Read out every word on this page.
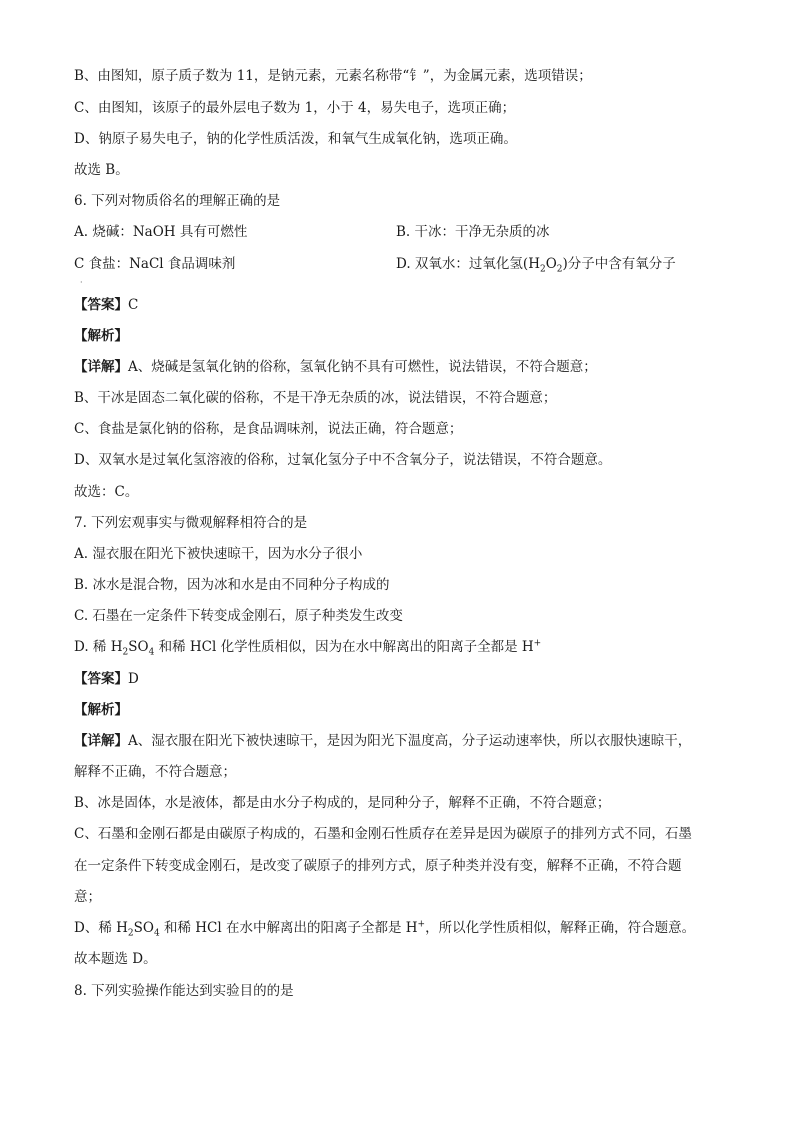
B、由图知，原子质子数为 11，是钠元素，元素名称带“钅”，为金属元素，选项错误；
C、由图知，该原子的最外层电子数为 1，小于 4，易失电子，选项正确；
D、钠原子易失电子，钠的化学性质活泼，和氧气生成氧化钠，选项正确。
故选 B。
6. 下列对物质俗名的理解正确的是
A. 烧碱：NaOH 具有可燃性	B. 干冰：干净无杂质的冰
C 食盐：NaCl 食品调味剂	D. 双氧水：过氧化氢$(H_2O_2)$分子中含有氧分子
·
【答案】C
【解析】
【详解】A、烧碱是氢氧化钠的俗称，氢氧化钠不具有可燃性，说法错误，不符合题意；
B、干冰是固态二氧化碳的俗称，不是干净无杂质的冰，说法错误，不符合题意；
C、食盐是氯化钠的俗称，是食品调味剂，说法正确，符合题意；
D、双氧水是过氧化氢溶液的俗称，过氧化氢分子中不含氧分子，说法错误，不符合题意。
故选：C。
7. 下列宏观事实与微观解释相符合的是
A. 湿衣服在阳光下被快速晾干，因为水分子很小
B. 冰水是混合物，因为冰和水是由不同种分子构成的
C. 石墨在一定条件下转变成金刚石，原子种类发生改变
D. 稀 $H_2SO_4$ 和稀 HCl 化学性质相似，因为在水中解离出的阳离子全都是 H+
【答案】D
【解析】
【详解】A、湿衣服在阳光下被快速晾干，是因为阳光下温度高，分子运动速率快，所以衣服快速晾干，
解释不正确，不符合题意；
B、冰是固体，水是液体，都是由水分子构成的，是同种分子，解释不正确，不符合题意；
C、石墨和金刚石都是由碳原子构成的，石墨和金刚石性质存在差异是因为碳原子的排列方式不同，石墨
在一定条件下转变成金刚石，是改变了碳原子的排列方式，原子种类并没有变，解释不正确，不符合题
意；
D、稀 $H_2SO_4$ 和稀 HCl 在水中解离出的阳离子全都是 H+，所以化学性质相似，解释正确，符合题意。
故本题选 D。
8. 下列实验操作能达到实验目的的是
